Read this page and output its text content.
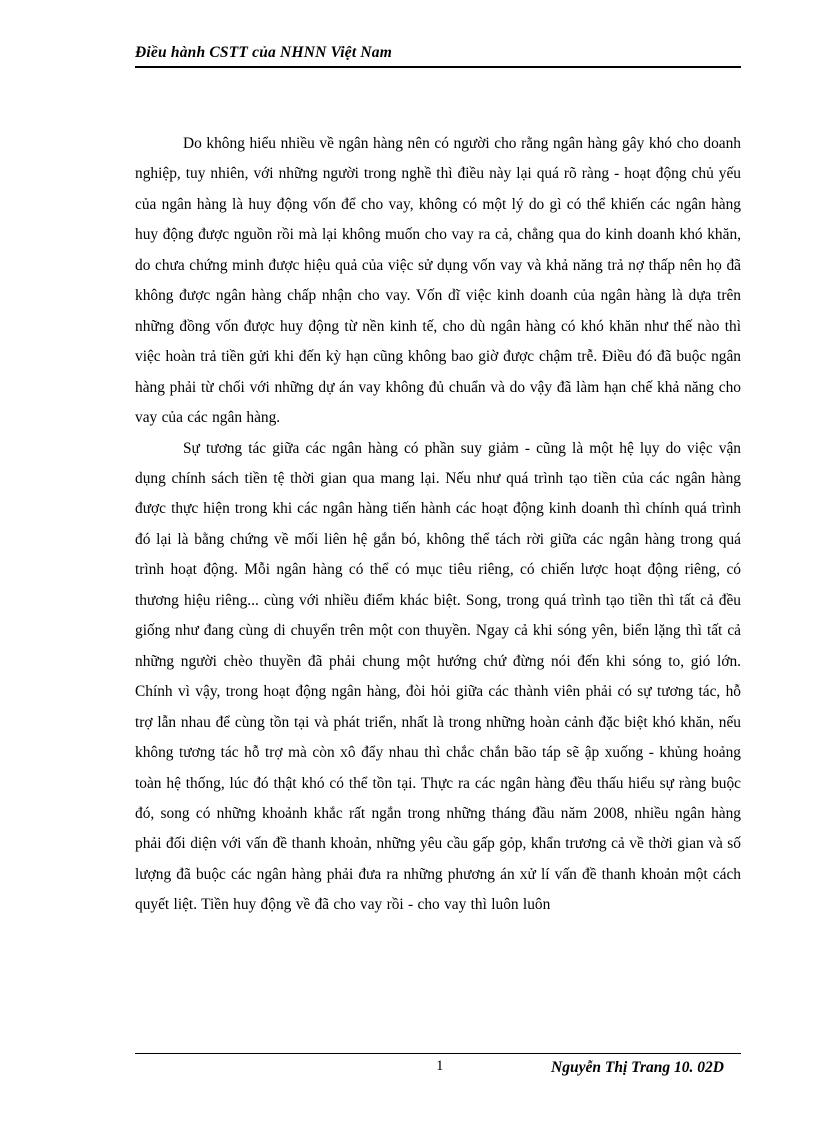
Điều hành CSTT của NHNN Việt Nam

Do không hiểu nhiều về ngân hàng nên có người cho rằng ngân hàng gây khó cho doanh nghiệp, tuy nhiên, với những người trong nghề thì điều này lại quá rõ ràng - hoạt động chủ yếu của ngân hàng là huy động vốn để cho vay, không có một lý do gì có thể khiến các ngân hàng huy động được nguồn rồi mà lại không muốn cho vay ra cả, chẳng qua do kinh doanh khó khăn, do chưa chứng minh được hiệu quả của việc sử dụng vốn vay và khả năng trả nợ thấp nên họ đã không được ngân hàng chấp nhận cho vay. Vốn dĩ việc kinh doanh của ngân hàng là dựa trên những đồng vốn được huy động từ nền kinh tế, cho dù ngân hàng có khó khăn như thế nào thì việc hoàn trả tiền gửi khi đến kỳ hạn cũng không bao giờ được chậm trễ. Điều đó đã buộc ngân hàng phải từ chối với những dự án vay không đủ chuẩn và do vậy đã làm hạn chế khả năng cho vay của các ngân hàng.

Sự tương tác giữa các ngân hàng có phần suy giảm - cũng là một hệ lụy do việc vận dụng chính sách tiền tệ thời gian qua mang lại. Nếu như quá trình tạo tiền của các ngân hàng được thực hiện trong khi các ngân hàng tiến hành các hoạt động kinh doanh thì chính quá trình đó lại là bằng chứng về mối liên hệ gắn bó, không thể tách rời giữa các ngân hàng trong quá trình hoạt động. Mỗi ngân hàng có thể có mục tiêu riêng, có chiến lược hoạt động riêng, có thương hiệu riêng... cùng với nhiều điểm khác biệt. Song, trong quá trình tạo tiền thì tất cả đều giống như đang cùng di chuyển trên một con thuyền. Ngay cả khi sóng yên, biển lặng thì tất cả những người chèo thuyền đã phải chung một hướng chứ đừng nói đến khi sóng to, gió lớn. Chính vì vậy, trong hoạt động ngân hàng, đòi hỏi giữa các thành viên phải có sự tương tác, hỗ trợ lẫn nhau để cùng tồn tại và phát triển, nhất là trong những hoàn cảnh đặc biệt khó khăn, nếu không tương tác hỗ trợ mà còn xô đẩy nhau thì chắc chắn bão táp sẽ ập xuống - khủng hoảng toàn hệ thống, lúc đó thật khó có thể tồn tại. Thực ra các ngân hàng đều thấu hiểu sự ràng buộc đó, song có những khoảnh khắc rất ngắn trong những tháng đầu năm 2008, nhiều ngân hàng phải đối diện với vấn đề thanh khoản, những yêu cầu gấp gỏp, khẩn trương cả về thời gian và số lượng đã buộc các ngân hàng phải đưa ra những phương án xử lí vấn đề thanh khoản một cách quyết liệt. Tiền huy động về đã cho vay rồi - cho vay thì luôn luôn

1	Nguyễn Thị Trang 10. 02D
